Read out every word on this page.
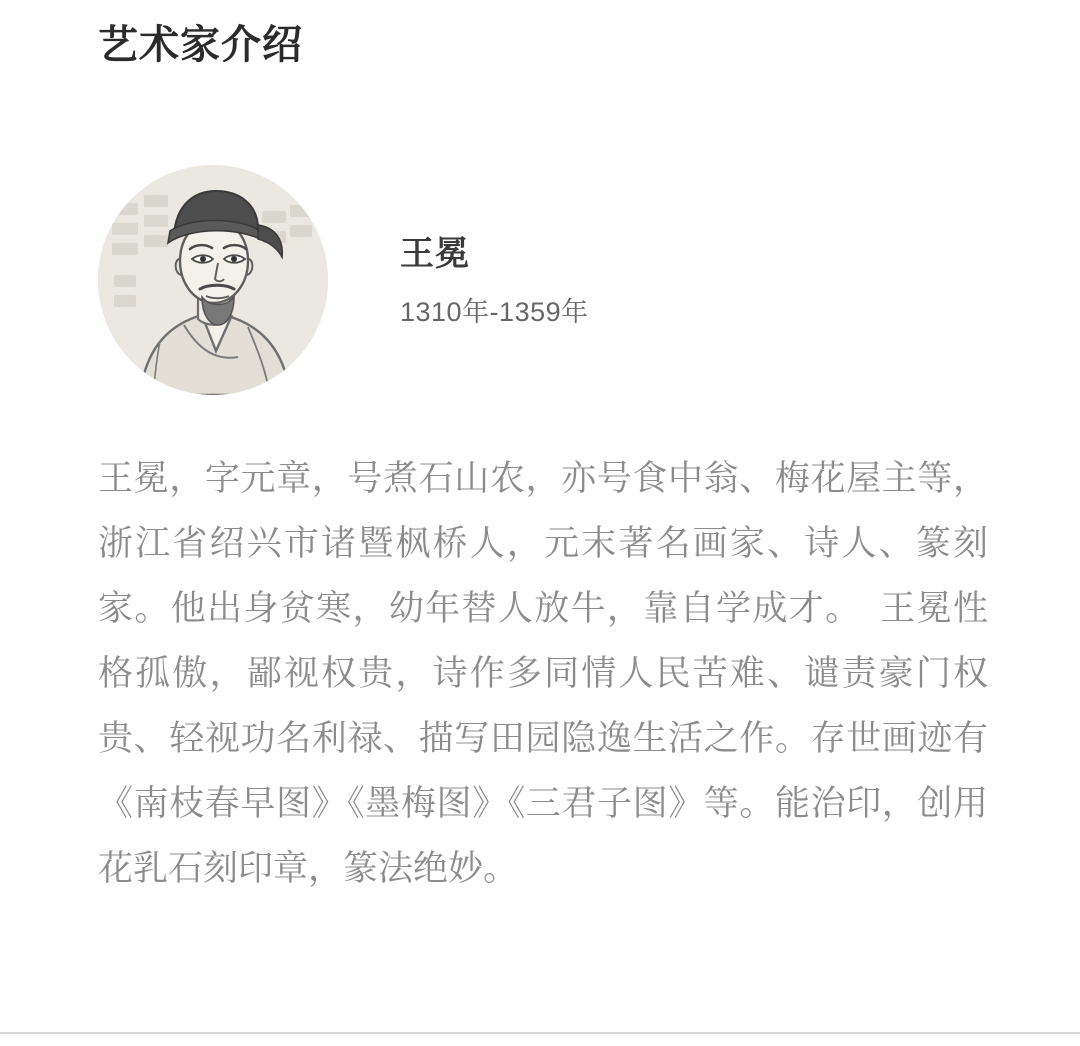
艺术家介绍
王冕
1310年-1359年
王冕，字元章，号煮石山农，亦号食中翁、梅花屋主等，浙江省绍兴市诸暨枫桥人，元末著名画家、诗人、篆刻家。他出身贫寒，幼年替人放牛，靠自学成才。　王冕性格孤傲，鄙视权贵，诗作多同情人民苦难、谴责豪门权贵、轻视功名利禄、描写田园隐逸生活之作。存世画迹有《南枝春早图》《墨梅图》《三君子图》等。能治印，创用花乳石刻印章，篆法绝妙。
